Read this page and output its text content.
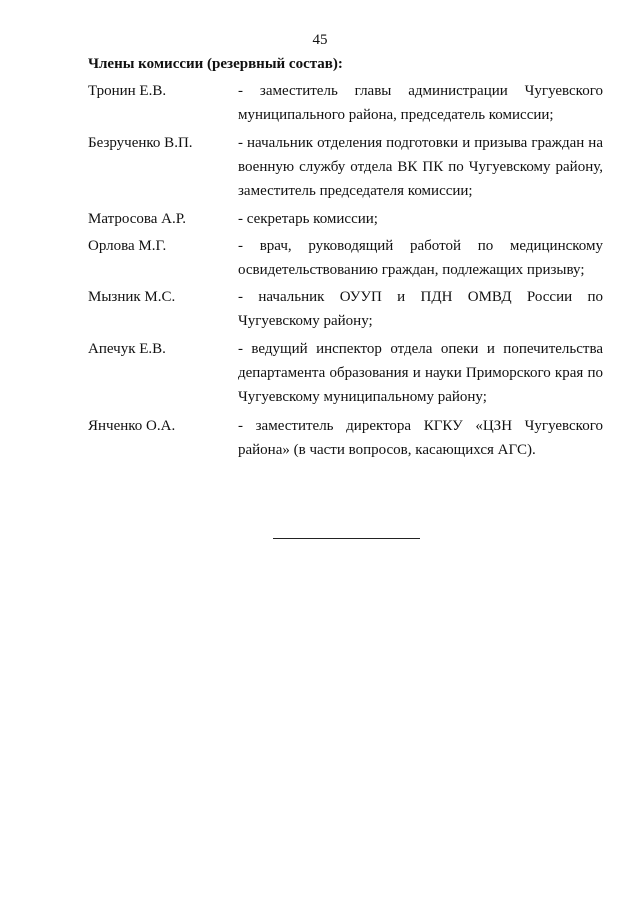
45
Члены комиссии (резервный состав):
Тронин Е.В.	- заместитель главы администрации Чугуевского муниципального района, председатель комиссии;
Безрученко В.П.	- начальник отделения подготовки и призыва граждан на военную службу отдела ВК ПК по Чугуевскому району, заместитель председателя комиссии;
Матросова А.Р.	- секретарь комиссии;
Орлова М.Г.	- врач, руководящий работой по медицинскому освидетельствованию граждан, подлежащих призыву;
Мызник М.С.	- начальник ОУУП и ПДН ОМВД России по Чугуевскому району;
Апечук Е.В.	- ведущий инспектор отдела опеки и попечительства департамента образования и науки Приморского края по Чугуевскому муниципальному району;
Янченко О.А.	- заместитель директора КГКУ «ЦЗН Чугуевского района» (в части вопросов, касающихся АГС).
